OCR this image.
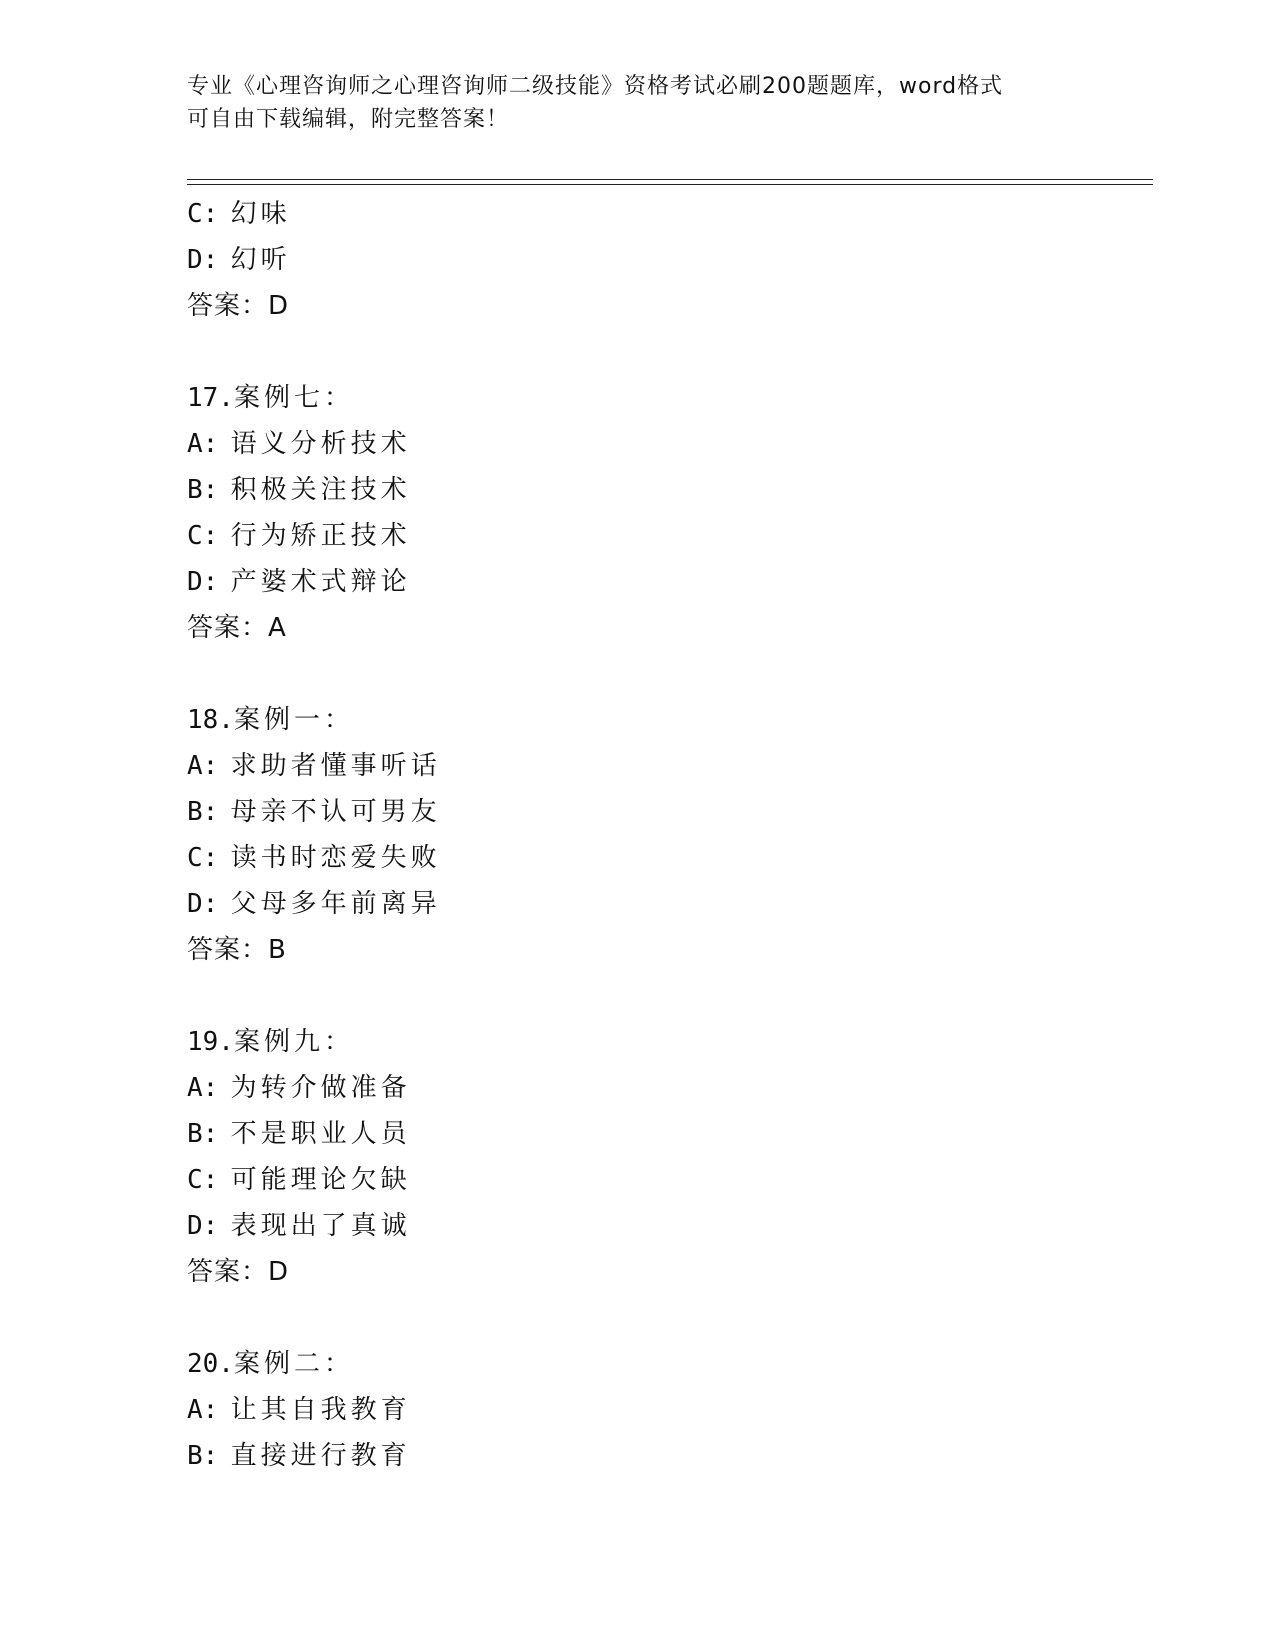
专业《心理咨询师之心理咨询师二级技能》资格考试必刷200题题库，word格式
可自由下载编辑，附完整答案！
C: 幻味
D: 幻听
答案：D
17.案例七：
A: 语义分析技术
B: 积极关注技术
C: 行为矫正技术
D: 产婆术式辩论
答案：A
18.案例一：
A: 求助者懂事听话
B: 母亲不认可男友
C: 读书时恋爱失败
D: 父母多年前离异
答案：B
19.案例九：
A: 为转介做准备
B: 不是职业人员
C: 可能理论欠缺
D: 表现出了真诚
答案：D
20.案例二：
A: 让其自我教育
B: 直接进行教育
